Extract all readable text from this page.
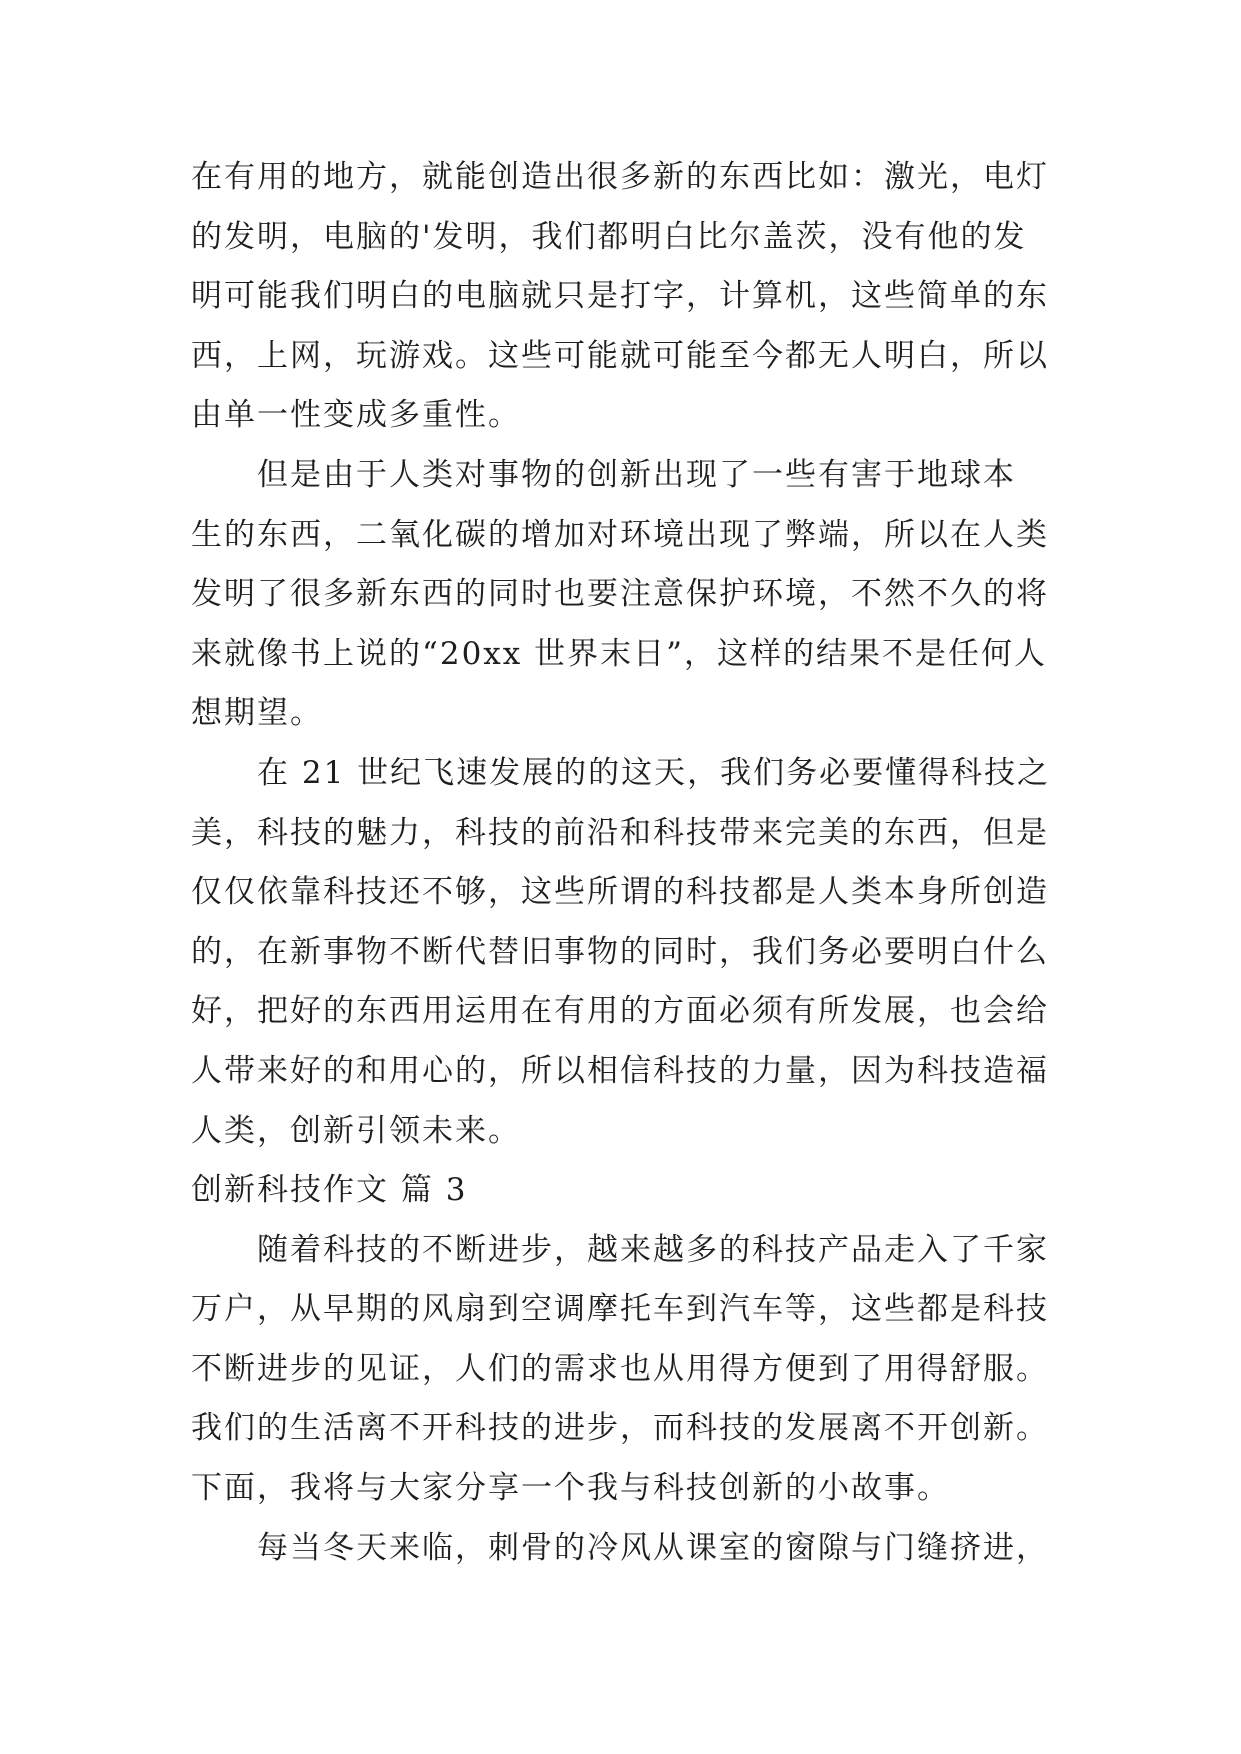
在有用的地方，就能创造出很多新的东西比如：激光，电灯
的发明，电脑的'发明，我们都明白比尔盖茨，没有他的发
明可能我们明白的电脑就只是打字，计算机，这些简单的东
西，上网，玩游戏。这些可能就可能至今都无人明白，所以
由单一性变成多重性。
但是由于人类对事物的创新出现了一些有害于地球本
生的东西，二氧化碳的增加对环境出现了弊端，所以在人类
发明了很多新东西的同时也要注意保护环境，不然不久的将
来就像书上说的“20xx 世界末日”，这样的结果不是任何人
想期望。
在 21 世纪飞速发展的的这天，我们务必要懂得科技之
美，科技的魅力，科技的前沿和科技带来完美的东西，但是
仅仅依靠科技还不够，这些所谓的科技都是人类本身所创造
的，在新事物不断代替旧事物的同时，我们务必要明白什么
好，把好的东西用运用在有用的方面必须有所发展，也会给
人带来好的和用心的，所以相信科技的力量，因为科技造福
人类，创新引领未来。
创新科技作文 篇 3
随着科技的不断进步，越来越多的科技产品走入了千家
万户，从早期的风扇到空调摩托车到汽车等，这些都是科技
不断进步的见证，人们的需求也从用得方便到了用得舒服。
我们的生活离不开科技的进步，而科技的发展离不开创新。
下面，我将与大家分享一个我与科技创新的小故事。
每当冬天来临，刺骨的冷风从课室的窗隙与门缝挤进，
